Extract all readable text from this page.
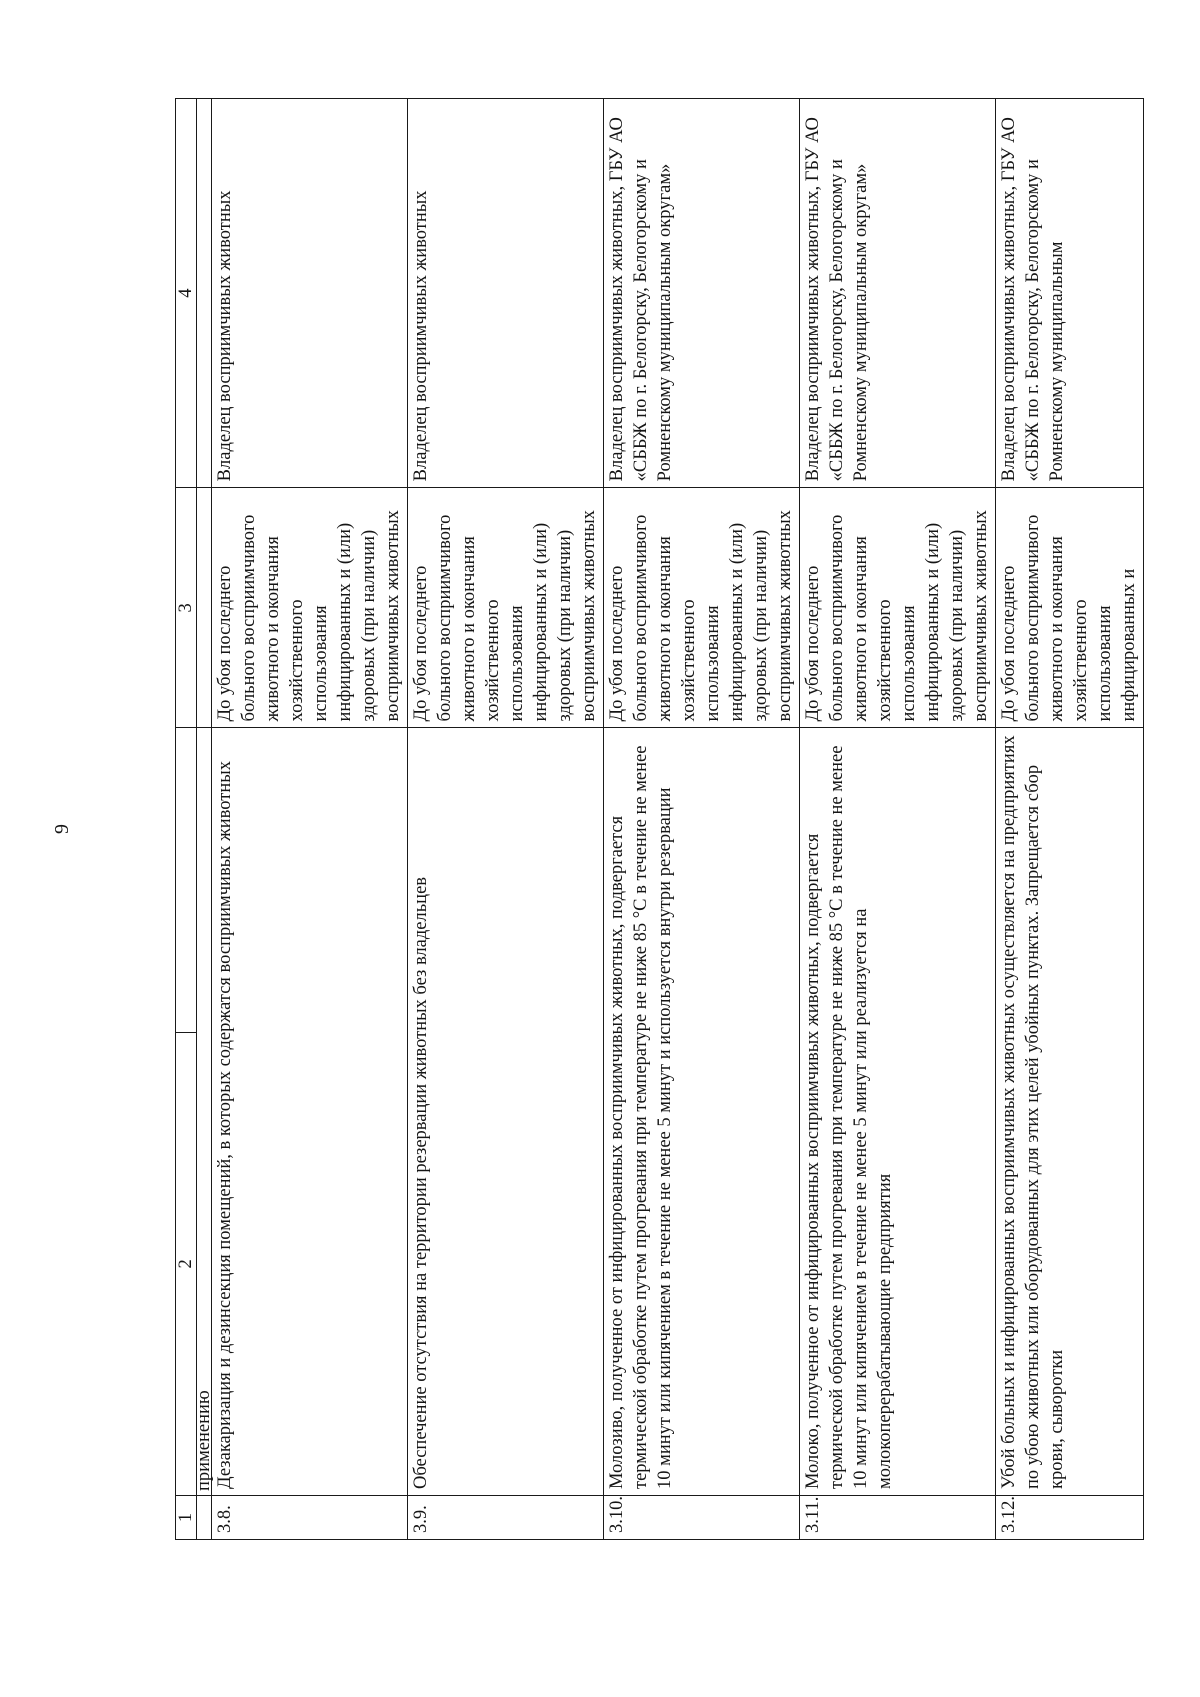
9
1	2		3	4
	применению			
3.8.	Дезакаризация и дезинсекция помещений, в которых содержатся восприимчивых животных		До убоя последнего больного восприимчивого животного и окончания хозяйственного использования инфицированных и (или) здоровых (при наличии) восприимчивых животных	Владелец восприимчивых животных
3.9.	Обеспечение отсутствия на территории резервации животных без владельцев		До убоя последнего больного восприимчивого животного и окончания хозяйственного использования инфицированных и (или) здоровых (при наличии) восприимчивых животных	Владелец восприимчивых животных
3.10.	Молозиво, полученное от инфицированных восприимчивых животных, подвергается термической обработке путем прогревания при температуре не ниже 85 °С в течение не менее 10 минут или кипячением в течение не менее 5 минут и используется внутри резервации		До убоя последнего больного восприимчивого животного и окончания хозяйственного использования инфицированных и (или) здоровых (при наличии) восприимчивых животных	Владелец восприимчивых животных, ГБУ АО «СББЖ по г. Белогорску, Белогорскому и Ромненскому муниципальным округам»
3.11.	Молоко, полученное от инфицированных восприимчивых животных, подвергается термической обработке путем прогревания при температуре не ниже 85 °С в течение не менее 10 минут или кипячением в течение не менее 5 минут или реализуется на молокоперерабатывающие предприятия		До убоя последнего больного восприимчивого животного и окончания хозяйственного использования инфицированных и (или) здоровых (при наличии) восприимчивых животных	Владелец восприимчивых животных, ГБУ АО «СББЖ по г. Белогорску, Белогорскому и Ромненскому муниципальным округам»
3.12.	Убой больных и инфицированных восприимчивых животных осуществляется на предприятиях по убою животных или оборудованных для этих целей убойных пунктах. Запрещается сбор крови, сыворотки		До убоя последнего больного восприимчивого животного и окончания хозяйственного использования инфицированных и	Владелец восприимчивых животных, ГБУ АО «СББЖ по г. Белогорску, Белогорскому и Ромненскому муниципальным
